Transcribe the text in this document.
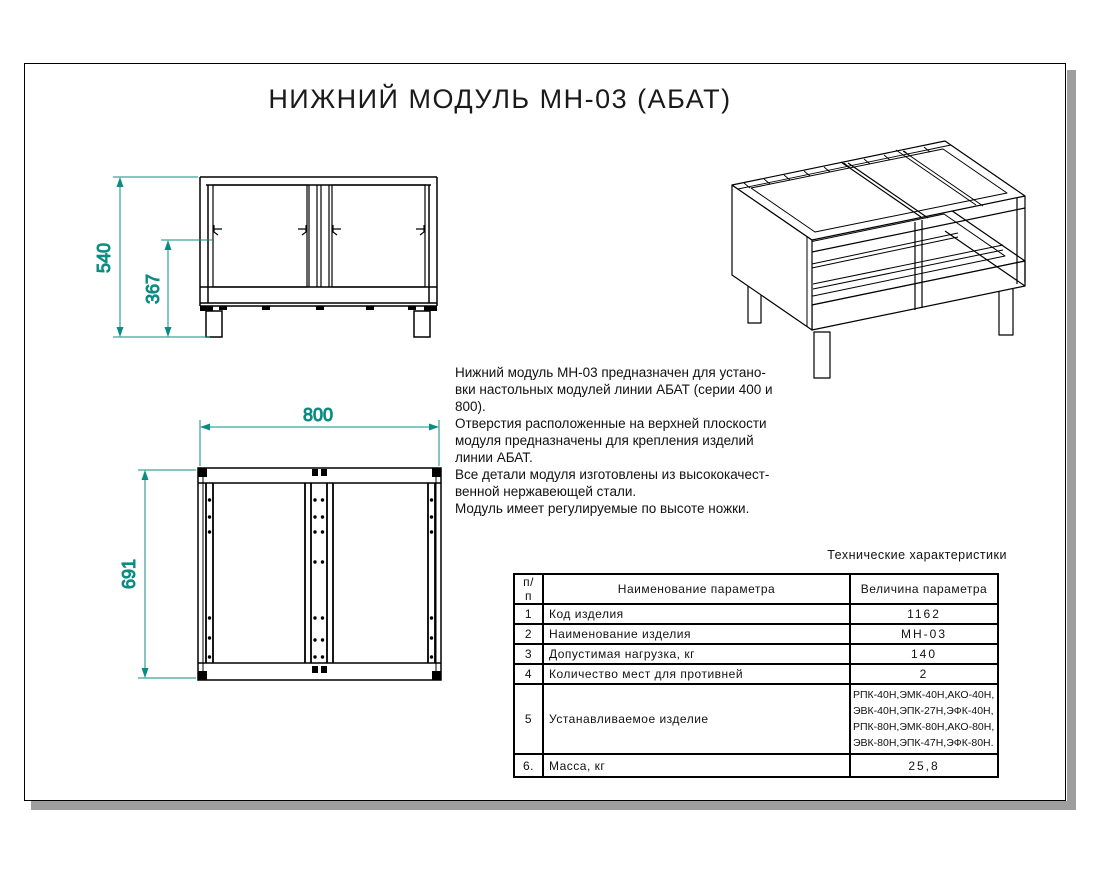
НИЖНИЙ МОДУЛЬ МН-03 (АБАТ)
540
367
800
691
Нижний модуль МН-03 предназначен для устано-
вки настольных модулей линии АБАТ (серии 400 и
800).
Отверстия расположенные на верхней плоскости
модуля предназначены для крепления изделий
линии АБАТ.
Все детали модуля изготовлены из высококачест-
венной нержавеющей стали.
Модуль имеет регулируемые по высоте ножки.
Технические характеристики
п/п	Наименование параметра	Величина параметра
1	Код изделия	1162

2	Наименование изделия	МН-03

3	Допустимая нагрузка, кг	140

4	Количество мест для противней	2

5	Устанавливаемое изделие	РПК-40Н,ЭМК-40Н,АКО-40Н,
ЭВК-40Н,ЭПК-27Н,ЭФК-40Н,
РПК-80Н,ЭМК-80Н,АКО-80Н,
ЭВК-80Н,ЭПК-47Н,ЭФК-80Н.

6.	Масса, кг	25,8
